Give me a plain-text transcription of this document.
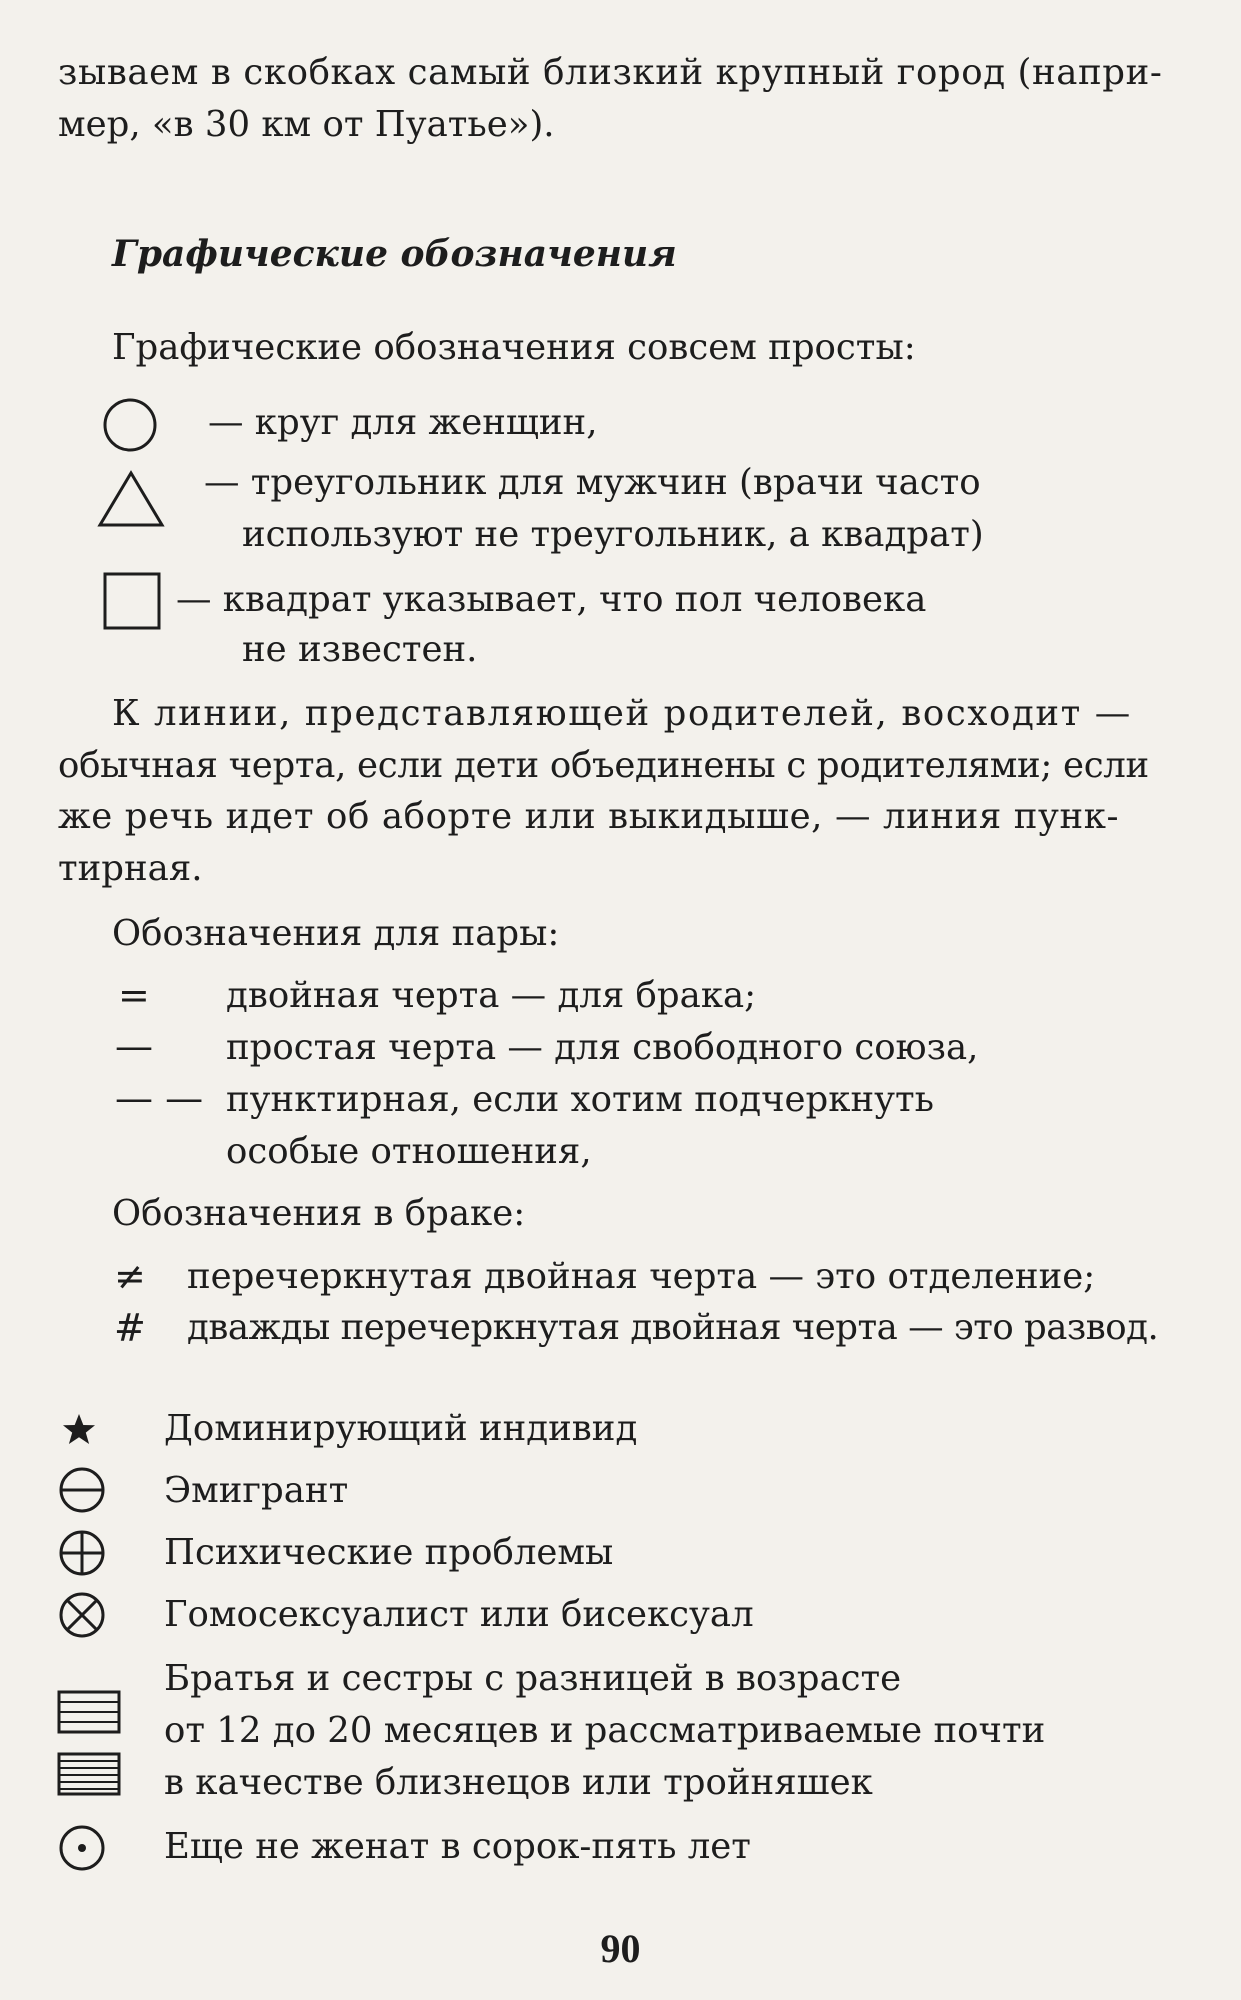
зываем в скобках самый близкий крупный город (напри-
мер, «в 30 км от Пуатье»).
Графические обозначения
Графические обозначения совсем просты:
— круг для женщин,
— треугольник для мужчин (врачи часто
используют не треугольник, а квадрат)
— квадрат указывает, что пол человека
не известен.
К линии, представляющей родителей, восходит —
обычная черта, если дети объединены с родителями; если
же речь идет об аборте или выкидыше, — линия пунк-
тирная.
Обозначения для пары:
= двойная черта — для брака;
— простая черта — для свободного союза,
— — пунктирная, если хотим подчеркнуть
особые отношения,
Обозначения в браке:
≠ перечеркнутая двойная черта — это отделение;
# дважды перечеркнутая двойная черта — это развод.
Доминирующий индивид
Эмигрант
Психические проблемы
Гомосексуалист или бисексуал
Братья и сестры с разницей в возрасте
от 12 до 20 месяцев и рассматриваемые почти
в качестве близнецов или тройняшек
Еще не женат в сорок-пять лет
90
